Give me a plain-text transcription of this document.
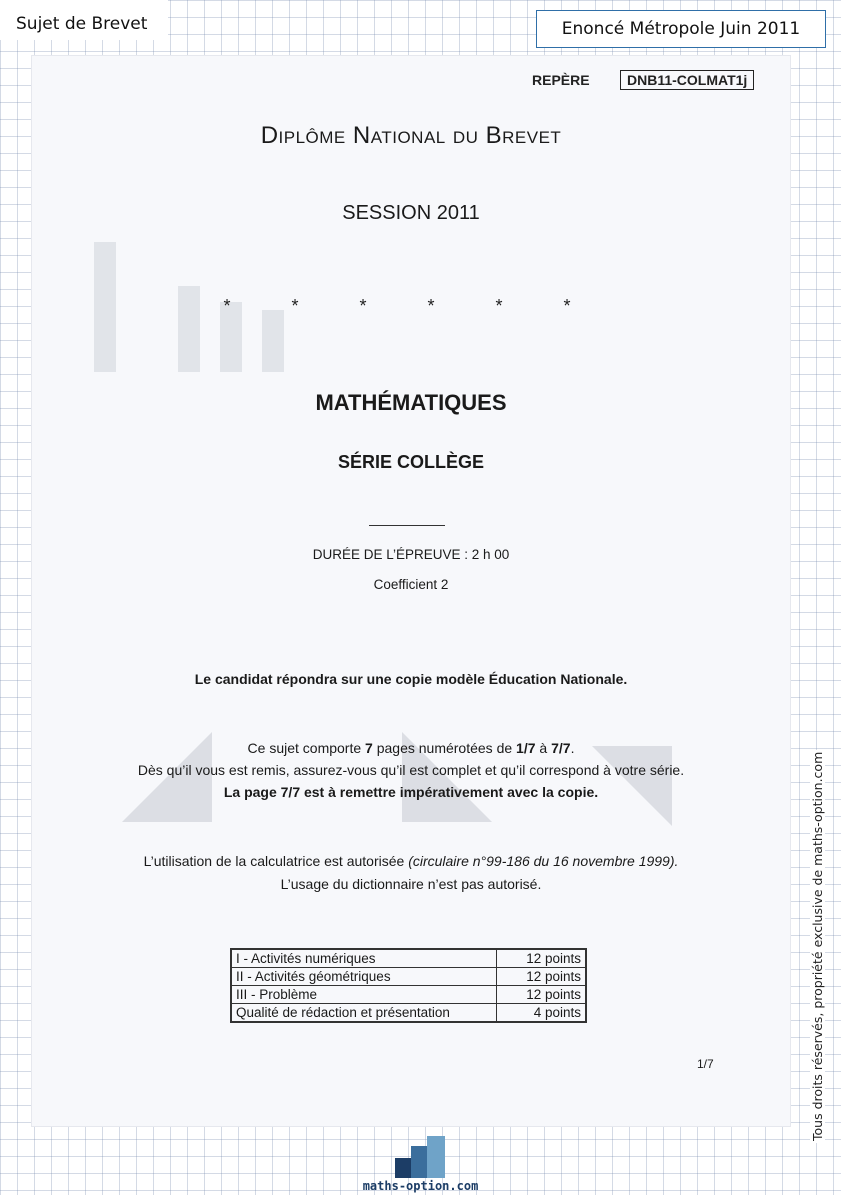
Sujet de Brevet	Enoncé Métropole Juin 2011
REPÈRE	DNB11-COLMAT1j
Diplôme National du Brevet
SESSION 2011
* * * * * *
MATHÉMATIQUES
SÉRIE COLLÈGE
DURÉE DE L’ÉPREUVE : 2 h 00
Coefficient 2
Le candidat répondra sur une copie modèle Éducation Nationale.
Ce sujet comporte 7 pages numérotées de 1/7 à 7/7.
Dès qu’il vous est remis, assurez-vous qu’il est complet et qu’il correspond à votre série.
La page 7/7 est à remettre impérativement avec la copie.
L’utilisation de la calculatrice est autorisée (circulaire n°99-186 du 16 novembre 1999).
L’usage du dictionnaire n’est pas autorisé.
I - Activités numériques	12 points
II - Activités géométriques	12 points
III - Problème	12 points
Qualité de rédaction et présentation	4 points
1/7	Tous droits réservés, propriété exclusive de maths-option.com
maths-option.com
